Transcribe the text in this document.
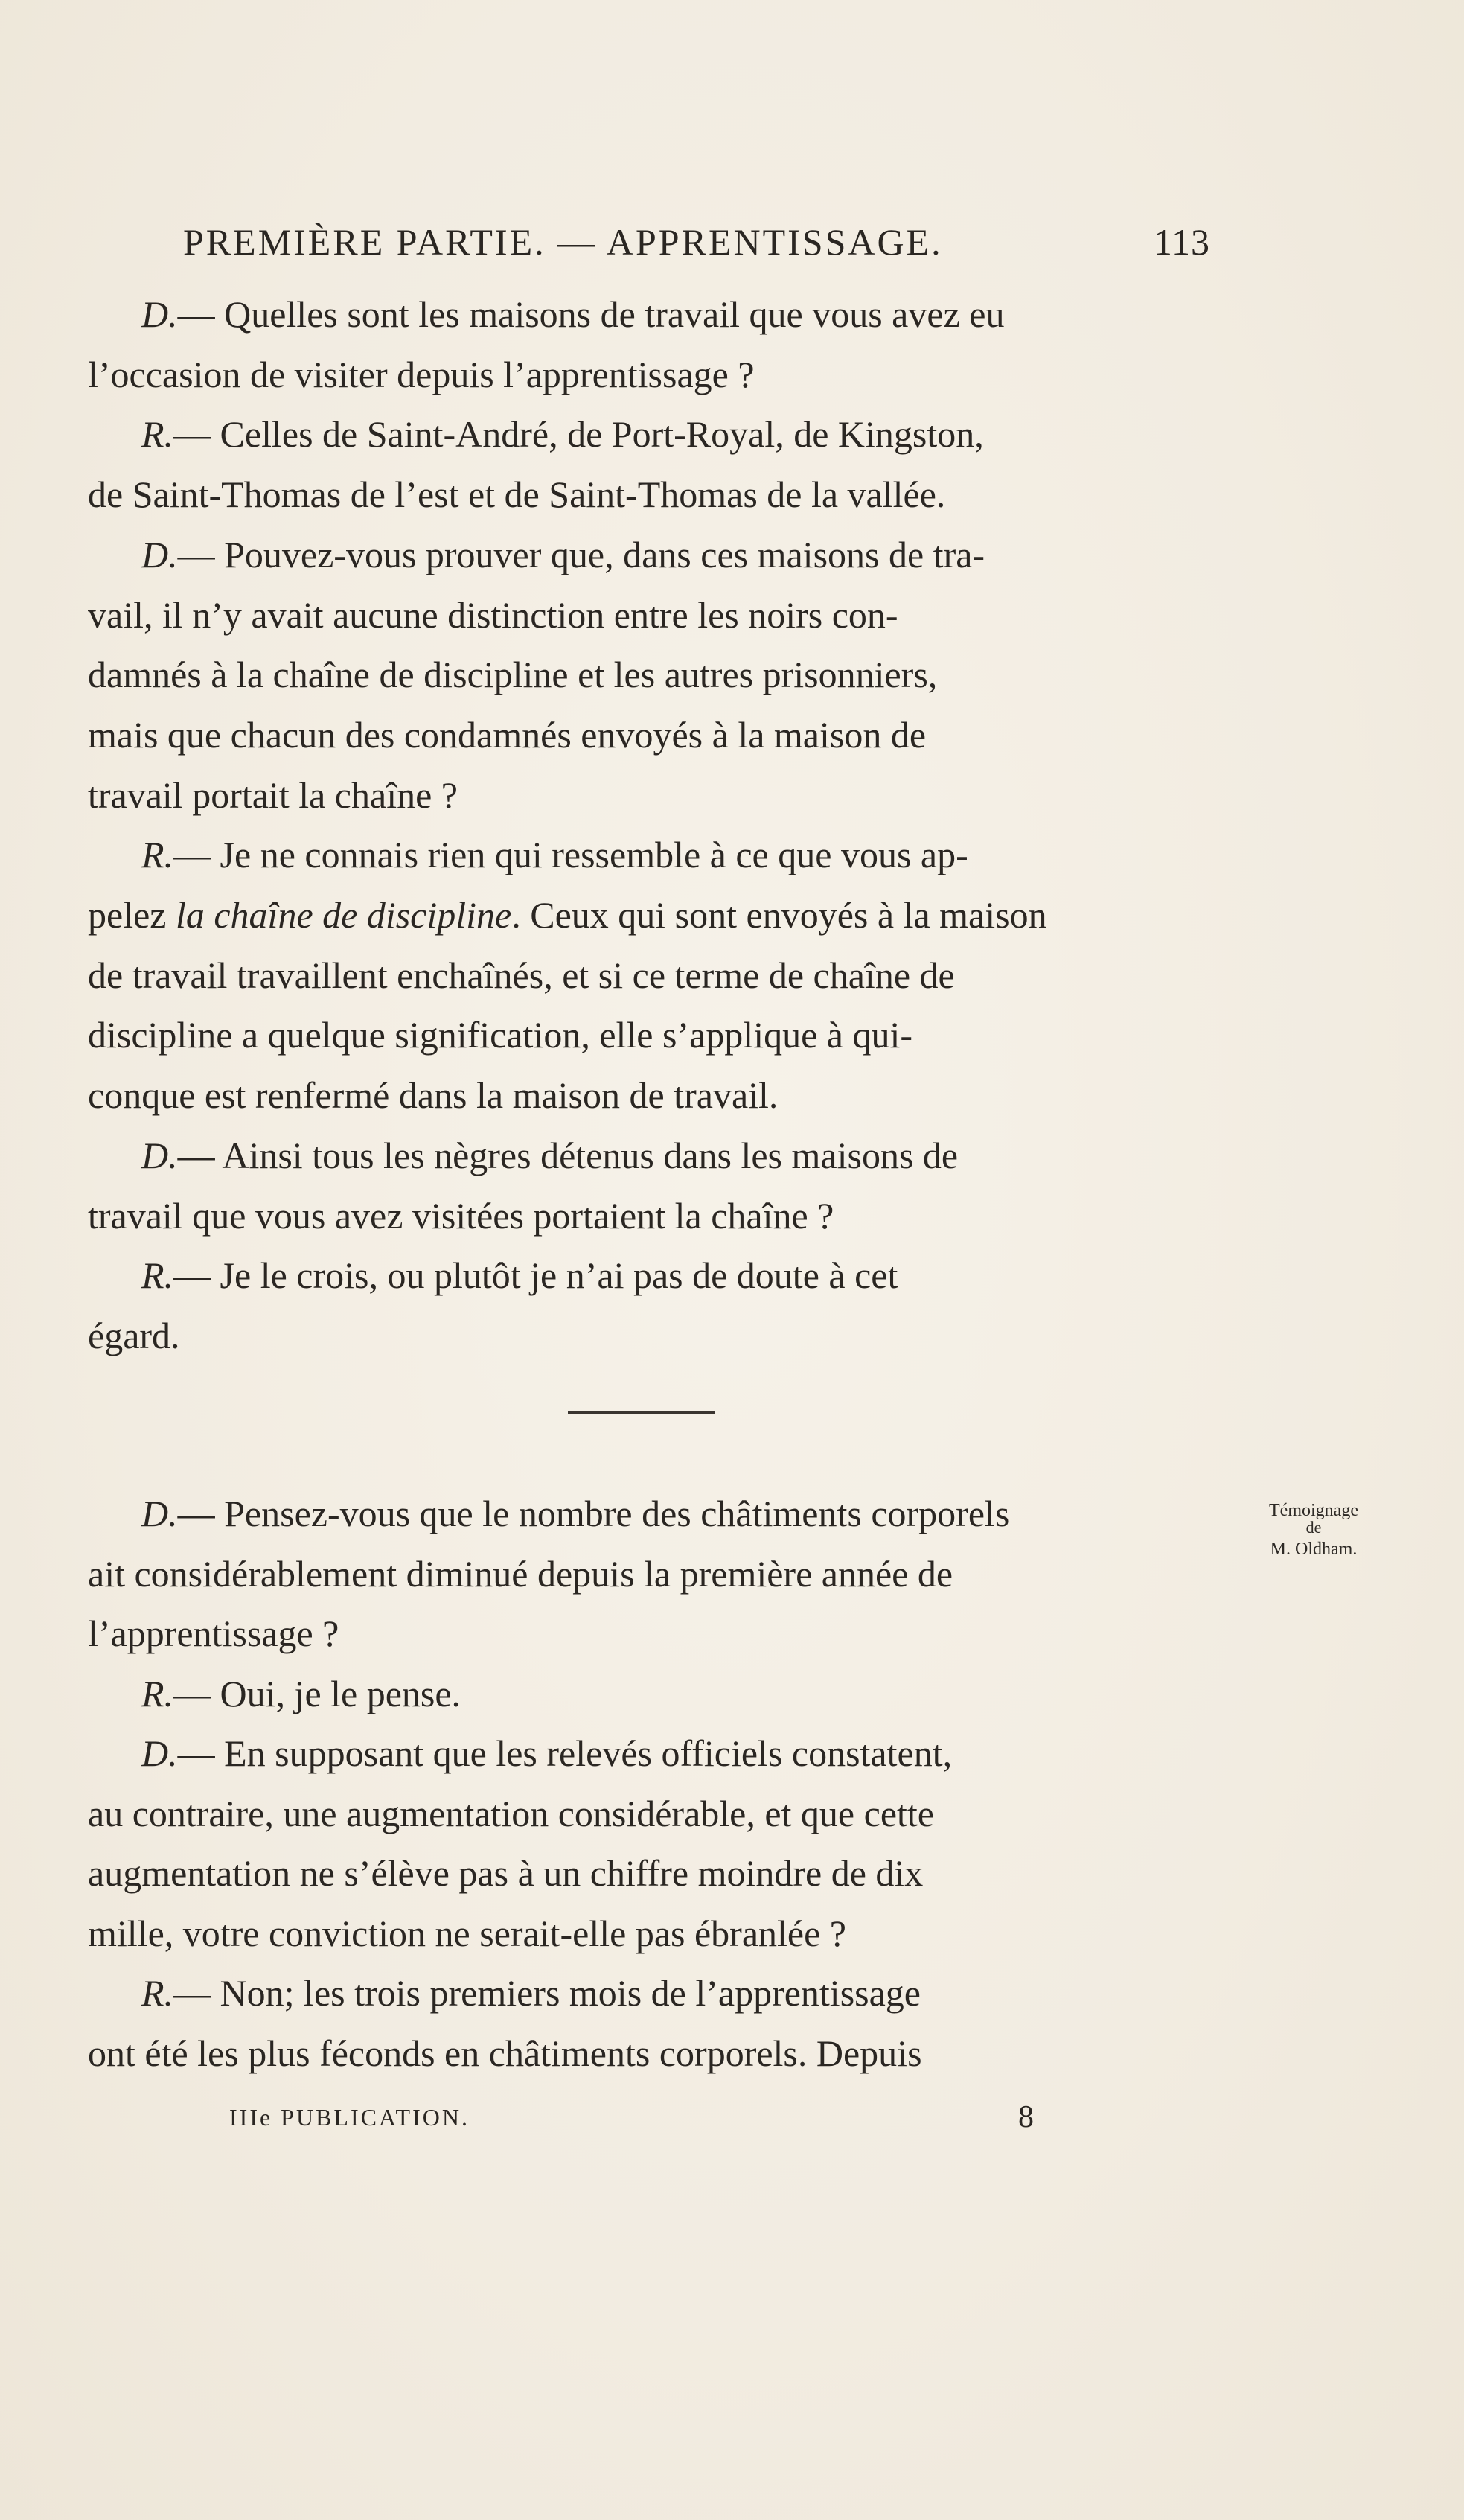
PREMIÈRE PARTIE. — APPRENTISSAGE.	113
D.— Quelles sont les maisons de travail que vous avez eu
l’occasion de visiter depuis l’apprentissage ?
R.— Celles de Saint-André, de Port-Royal, de Kingston,
de Saint-Thomas de l’est et de Saint-Thomas de la vallée.
D.— Pouvez-vous prouver que, dans ces maisons de tra-
vail, il n’y avait aucune distinction entre les noirs con-
damnés à la chaîne de discipline et les autres prisonniers,
mais que chacun des condamnés envoyés à la maison de
travail portait la chaîne ?
R.— Je ne connais rien qui ressemble à ce que vous ap-
pelez la chaîne de discipline. Ceux qui sont envoyés à la maison
de travail travaillent enchaînés, et si ce terme de chaîne de
discipline a quelque signification, elle s’applique à qui-
conque est renfermé dans la maison de travail.
D.— Ainsi tous les nègres détenus dans les maisons de
travail que vous avez visitées portaient la chaîne ?
R.— Je le crois, ou plutôt je n’ai pas de doute à cet
égard.
D.— Pensez-vous que le nombre des châtiments corporels
ait considérablement diminué depuis la première année de
l’apprentissage ?
R.— Oui, je le pense.
D.— En supposant que les relevés officiels constatent,
au contraire, une augmentation considérable, et que cette
augmentation ne s’élève pas à un chiffre moindre de dix
mille, votre conviction ne serait-elle pas ébranlée ?
R.— Non; les trois premiers mois de l’apprentissage
ont été les plus féconds en châtiments corporels. Depuis
Témoignage
de
M. Oldham.
IIIe PUBLICATION.	8
